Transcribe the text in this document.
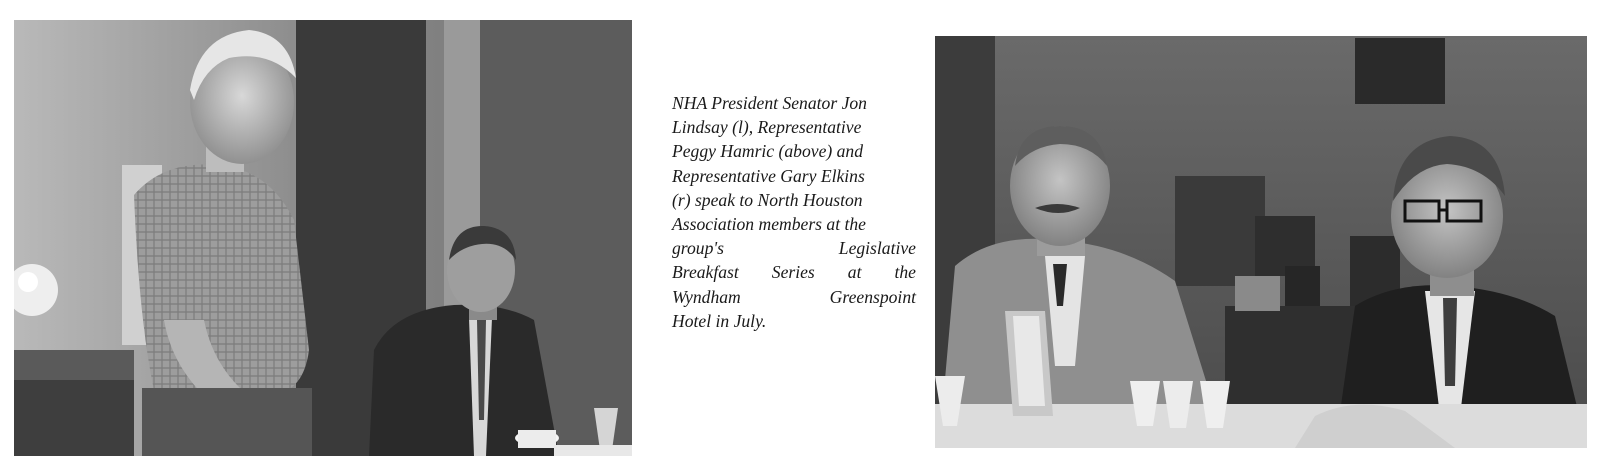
NHA President Senator Jon
Lindsay (l), Representative
Peggy Hamric (above) and
Representative Gary Elkins
(r) speak to North Houston
Association members at the
group's	Legislative
Breakfast Series at the
Wyndham	Greenspoint
Hotel in July.
